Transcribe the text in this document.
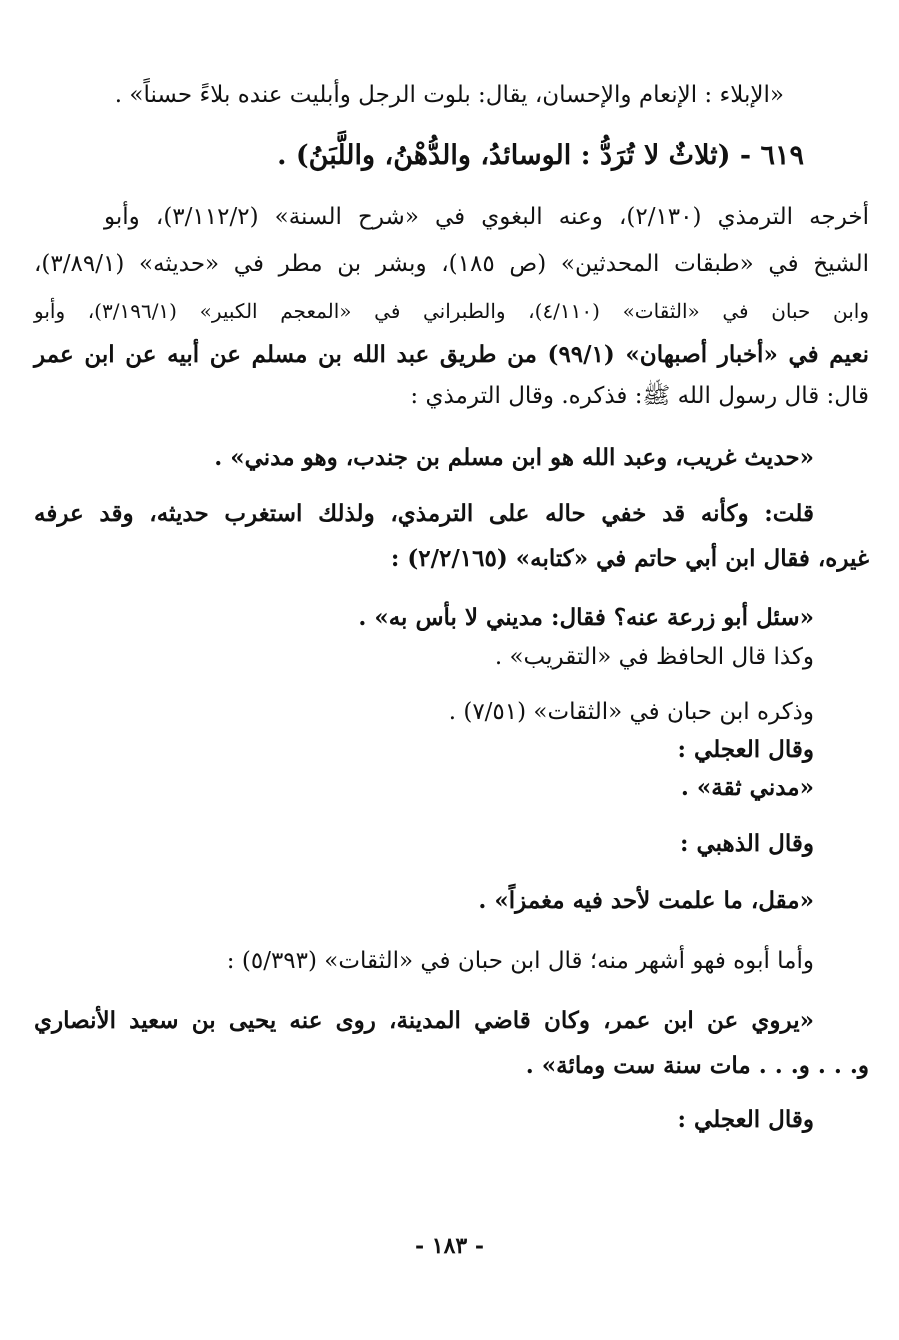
«الإبلاء : الإنعام والإحسان، يقال: بلوت الرجل وأبليت عنده بلاءً حسناً» .
٦١٩ - (ثلاثٌ لا تُرَدُّ : الوسائدُ، والدُّهْنُ، واللَّبَنُ) .
أخرجه الترمذي (٢/١٣٠)، وعنه البغوي في «شرح السنة» (٣/١١٢/٢)، وأبو
الشيخ في «طبقات المحدثين» (ص ١٨٥)، وبشر بن مطر في «حديثه» (٣/٨٩/١)،
وابن حبان في «الثقات» (٤/١١٠)، والطبراني في «المعجم الكبير» (٣/١٩٦/١)، وأبو
نعيم في «أخبار أصبهان» (٩٩/١) من طريق عبد الله بن مسلم عن أبيه عن ابن عمر
قال: قال رسول الله ﷺ: فذكره. وقال الترمذي :
«حديث غريب، وعبد الله هو ابن مسلم بن جندب، وهو مدني» .
قلت: وكأنه قد خفي حاله على الترمذي، ولذلك استغرب حديثه، وقد عرفه
غيره، فقال ابن أبي حاتم في «كتابه» (٢/٢/١٦٥) :
«سئل أبو زرعة عنه؟ فقال: مديني لا بأس به» .
وكذا قال الحافظ في «التقريب» .
وذكره ابن حبان في «الثقات» (٧/٥١) .
وقال العجلي :
«مدني ثقة» .
وقال الذهبي :
«مقل، ما علمت لأحد فيه مغمزاً» .
وأما أبوه فهو أشهر منه؛ قال ابن حبان في «الثقات» (٥/٣٩٣) :
«يروي عن ابن عمر، وكان قاضي المدينة، روى عنه يحيى بن سعيد الأنصاري
و. . . و. . . مات سنة ست ومائة» .
وقال العجلي :
- ١٨٣ -
